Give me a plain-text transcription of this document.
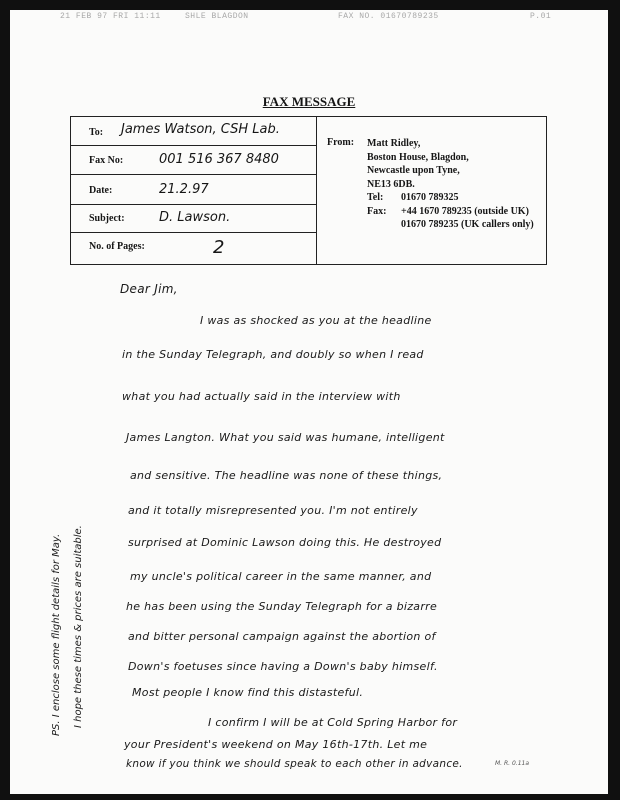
21 FEB 97 FRI 11:11	SHLE BLAGDON	FAX NO. 01670789235	P.01
FAX MESSAGE
To: James Watson, CSH Lab.
Fax No:	001 516 367 8480
Date:	21.2.97
Subject:	D. Lawson.
No. of Pages:	2
From: Matt Ridley,
Boston House, Blagdon,
Newcastle upon Tyne,
NE13 6DB.
Tel: 01670 789325
Fax: +44 1670 789235 (outside UK)
01670 789235 (UK callers only)
Dear Jim,
I was as shocked as you at the headline
in the Sunday Telegraph, and doubly so when I read
what you had actually said in the interview with
James Langton. What you said was humane, intelligent
and sensitive. The headline was none of these things,
and it totally misrepresented you. I'm not entirely
surprised at Dominic Lawson doing this. He destroyed
my uncle's political career in the same manner, and
he has been using the Sunday Telegraph for a bizarre
and bitter personal campaign against the abortion of
Down's foetuses since having a Down's baby himself.
Most people I know find this distasteful.
I confirm I will be at Cold Spring Harbor for
your President's weekend on May 16th-17th. Let me
know if you think we should speak to each other in advance.
PS. I enclose some flight details for May.	I hope these times & prices are suitable.
M. R. 0.11a
